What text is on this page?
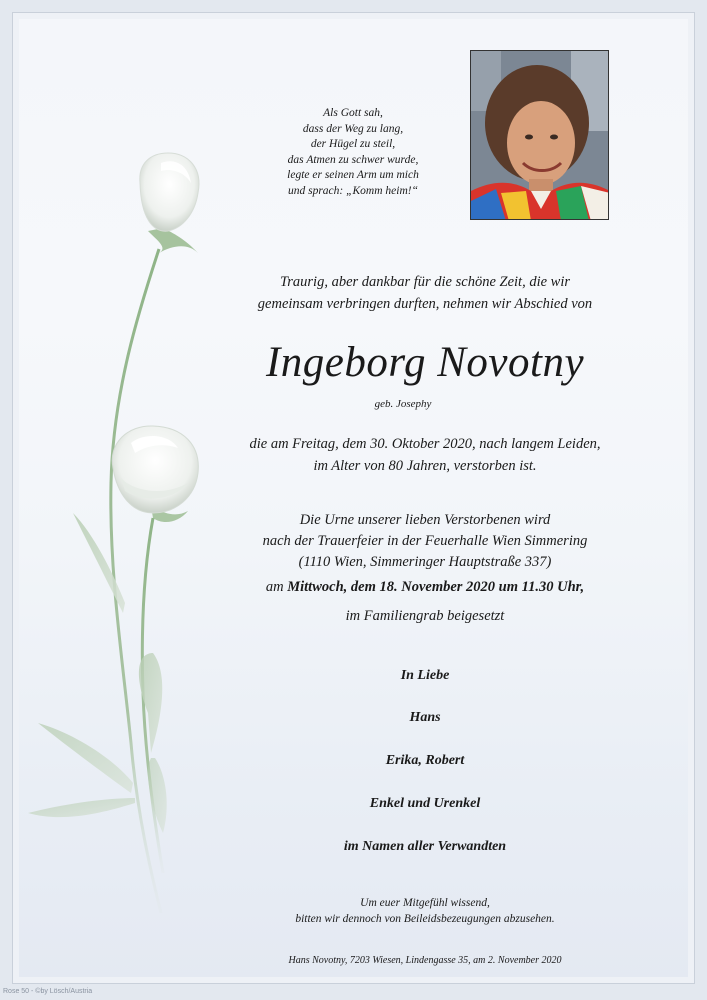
Als Gott sah,
dass der Weg zu lang,
der Hügel zu steil,
das Atmen zu schwer wurde,
legte er seinen Arm um mich
und sprach: „Komm heim!“
Traurig, aber dankbar für die schöne Zeit, die wir
gemeinsam verbringen durften, nehmen wir Abschied von
Ingeborg Novotny
geb. Josephy
die am Freitag, dem 30. Oktober 2020, nach langem Leiden,
im Alter von 80 Jahren, verstorben ist.
Die Urne unserer lieben Verstorbenen wird
nach der Trauerfeier in der Feuerhalle Wien Simmering
(1110 Wien, Simmeringer Hauptstraße 337)
am Mittwoch, dem 18. November 2020 um 11.30 Uhr,
im Familiengrab beigesetzt
In Liebe
Hans
Erika, Robert
Enkel und Urenkel
im Namen aller Verwandten
Um euer Mitgefühl wissend,
bitten wir dennoch von Beileidsbezeugungen abzusehen.
Hans Novotny, 7203 Wiesen, Lindengasse 35, am 2. November 2020
Rose 50 - ©by Lösch/Austria
